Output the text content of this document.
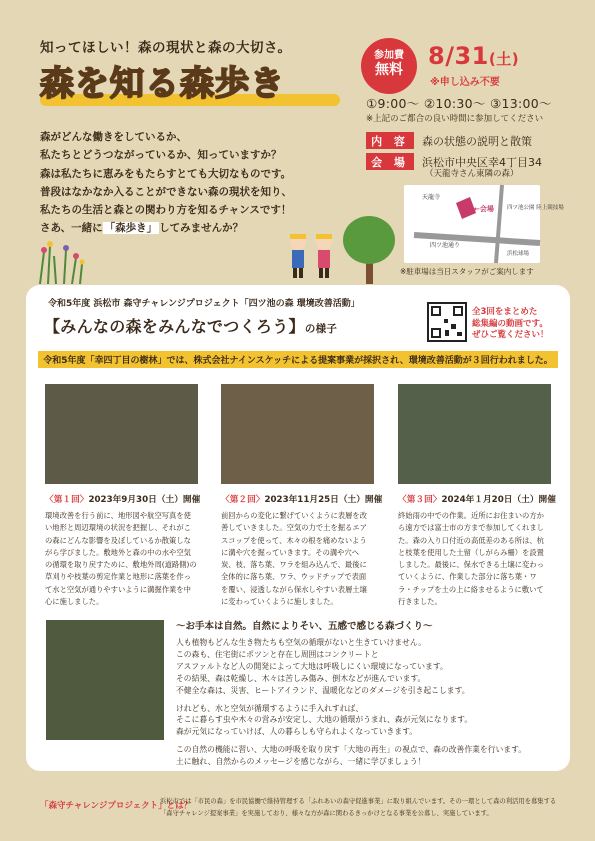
知ってほしい！森の現状と森の大切さ。
森を知る森歩き
参加費
無料	8/31(土)
※申し込み不要
①9:00～ ②10:30～ ③13:00～
※上記のご都合の良い時間に参加してください
内 容	森の状態の説明と散策
会 場	浜松市中央区幸4丁目34
（天龍寺さん東隣の森）
天龍寺
←会場 四ツ池公園 陸上競技場
四ツ池通り
浜松球場
※駐車場は当日スタッフがご案内します
森がどんな働きをしているか、
私たちとどうつながっているか、知っていますか？
森は私たちに恵みをもたらすとても大切なものです。
普段はなかなか入ることができない森の現状を知り、
私たちの生活と森との関わり方を知るチャンスです！
さあ、一緒に 「森歩き」 してみませんか？
令和5年度 浜松市 森守チャレンジプロジェクト「四ツ池の森 環境改善活動」
【みんなの森をみんなでつくろう】の様子
全3回をまとめた
総集編の動画です。
ぜひご覧ください！
令和5年度「幸四丁目の樹林」では、株式会社ナインスケッチによる提案事業が採択され、環境改善活動が３回行われました。
〈第１回〉2023年9月30日（土）開催
環境改善を行う前に、地形図や航空写真を使い地形と周辺環境の状況を把握し、それがこの森にどんな影響を及ぼしているか散策しながら学びました。敷地外と森の中の水や空気の循環を取り戻すために、敷地外周(道路側)の草刈りや枝葉の剪定作業と地形に落葉を作って水と空気が通りやすいように溝掘作業を中心に施しました。
〈第２回〉2023年11月25日（土）開催
前回からの変化に繋げていくように表層を改善していきました。空気の力で土を掘るエアスコップを使って、木々の根を痛めないように溝や穴を掘っていきます。その溝や穴へ炭、枝、落ち葉、ワラを組み込んで、最後に全体的に落ち葉、ワラ、ウッドチップで表面を覆い、浸透しながら保水しやすい表層土壌に変わっていくように施しました。
〈第３回〉2024年１月20日（土）開催
終始雨の中での作業。近所にお住まいの方から遠方では富士市の方まで参加してくれました。森の入り口付近の高低差のある所は、杭と枝葉を使用した土留（しがらみ柵）を設置しました。最後に、保水できる土壌に変わっていくように、作業した部分に落ち葉・ワラ・チップを土の上に絡ませるように敷いて行きました。
～お手本は自然。自然によりそい、五感で感じる森づくり～
人も植物もどんな生き物たちも空気の循環がないと生きていけません。
この森も、住宅街にポツンと存在し周囲はコンクリートと
アスファルトなど人の開発によって大地は呼吸しにくい環境になっています。
その結果、森は乾燥し、木々は苦しみ傷み、倒木などが進んでいます。
不健全な森は、災害、ヒートアイランド、温暖化などのダメージを引き起こします。
けれども、水と空気が循環するように手入れすれば、
そこに暮らす虫や木々の営みが安定し、大地の循環がうまれ、森が元気になります。
森が元気になっていけば、人の暮らしも守られよくなっていきます。
この自然の機能に習い、大地の呼吸を取り戻す「大地の再生」の視点で、森の改善作業を行います。
土に触れ、自然からのメッセージを感じながら、一緒に学びましょう！
「森守チャレンジプロジェクト」とは？
浜松市では「市民の森」を市民協働で維持管理する「ふれあいの森守促進事業」に取り組んでいます。その一環として森の利活用を募集する「森守チャレンジ提案事業」を実施しており、様々な方が森に関わるきっかけとなる事業を公募し、実施しています。
